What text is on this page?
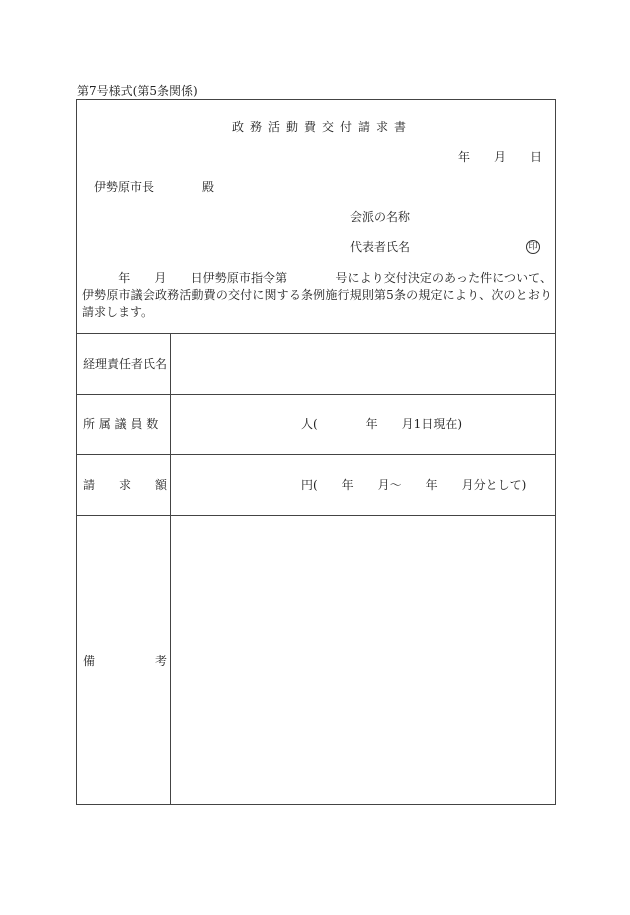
第7号様式(第5条関係)
政務活動費交付請求書
年　　月　　日
伊勢原市長　　　　殿
会派の名称
代表者氏名	印
　　　年　　月　　日伊勢原市指令第　　　　号により交付決定のあった件について、伊勢原市議会政務活動費の交付に関する条例施行規則第5条の規定により、次のとおり請求します。
経理責任者氏名
所 属 議 員 数	人(　　　　年　　月1日現在)
請　　求　　額	円(　　年　　月～　　年　　月分として)
備　　　　　考
